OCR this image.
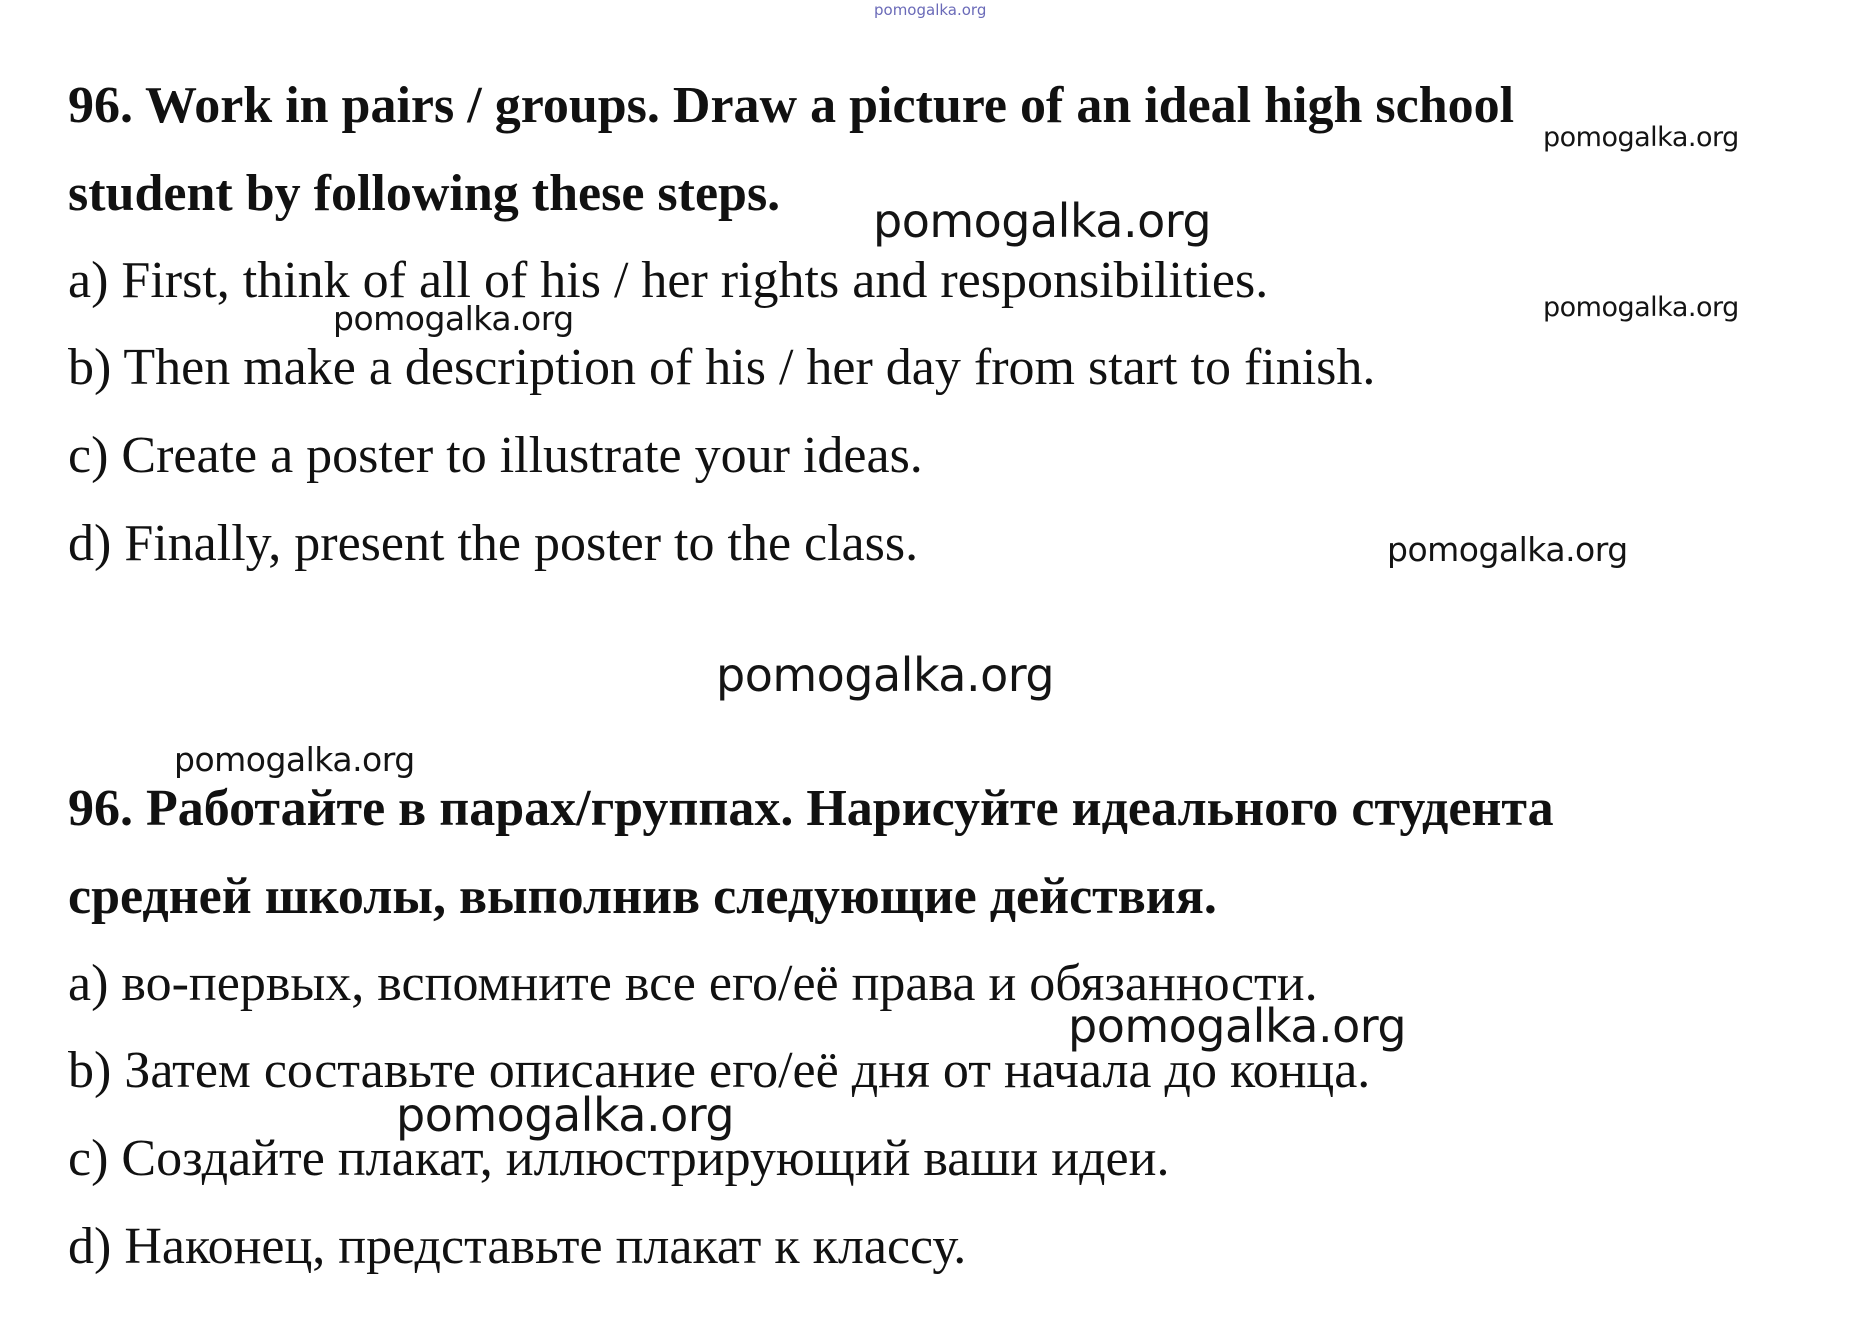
96. Work in pairs / groups. Draw a picture of an ideal high school

student by following these steps.

a) First, think of all of his / her rights and responsibilities.

b) Then make a description of his / her day from start to finish.

c) Create a poster to illustrate your ideas.

d) Finally, present the poster to the class.

96. Работайте в парах/группах. Нарисуйте идеального студента

средней школы, выполнив следующие действия.

a) во-первых, вспомните все его/её права и обязанности.

b) Затем составьте описание его/её дня от начала до конца.

c) Создайте плакат, иллюстрирующий ваши идеи.

d) Наконец, представьте плакат к классу.

pomogalka.org
pomogalka.org
pomogalka.org
pomogalka.org	pomogalka.org
pomogalka.org
pomogalka.org
pomogalka.org
pomogalka.org
pomogalka.org
